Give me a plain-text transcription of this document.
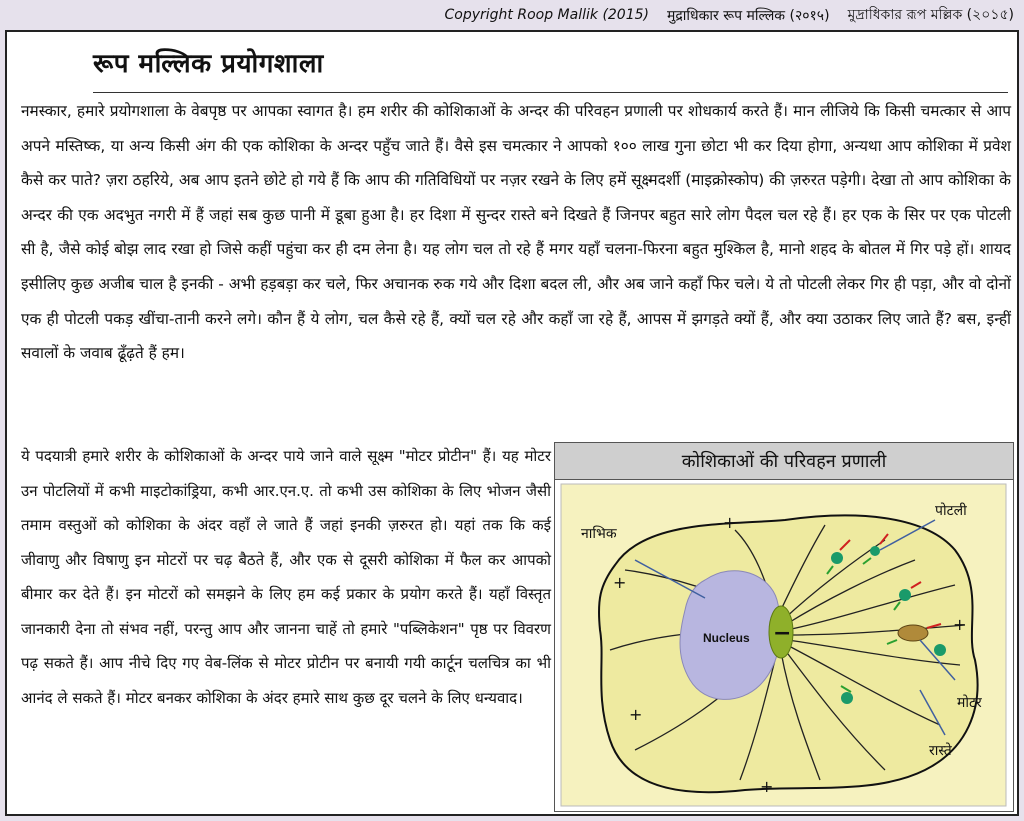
Copyright Roop Mallik (2015) मुद्राधिकार रूप मल्लिक (२०१५) মুদ্রাধিকার রূপ মল্লিক (২০১৫)
रूप मल्लिक प्रयोगशाला

नमस्कार, हमारे प्रयोगशाला के वेबपृष्ठ पर आपका स्वागत है। हम शरीर की कोशिकाओं के अन्दर की परिवहन प्रणाली पर शोधकार्य करते हैं। मान लीजिये कि किसी चमत्कार से आप अपने मस्तिष्क, या अन्य किसी अंग की एक कोशिका के अन्दर पहुँच जाते हैं। वैसे इस चमत्कार ने आपको १०० लाख गुना छोटा भी कर दिया होगा, अन्यथा आप कोशिका में प्रवेश कैसे कर पाते? ज़रा ठहरिये, अब आप इतने छोटे हो गये हैं कि आप की गतिविधियों पर नज़र रखने के लिए हमें सूक्ष्मदर्शी (माइक्रोस्कोप) की ज़रुरत पड़ेगी। देखा तो आप कोशिका के अन्दर की एक अदभुत नगरी में हैं जहां सब कुछ पानी में डूबा हुआ है। हर दिशा में सुन्दर रास्ते बने दिखते हैं जिनपर बहुत सारे लोग पैदल चल रहे हैं। हर एक के सिर पर एक पोटली सी है, जैसे कोई बोझ लाद रखा हो जिसे कहीं पहुंचा कर ही दम लेना है। यह लोग चल तो रहे हैं मगर यहाँ चलना-फिरना बहुत मुश्किल है, मानो शहद के बोतल में गिर पड़े हों। शायद इसीलिए कुछ अजीब चाल है इनकी - अभी हड़बड़ा कर चले, फिर अचानक रुक गये और दिशा बदल ली, और अब जाने कहाँ फिर चले। ये तो पोटली लेकर गिर ही पड़ा, और वो दोनों एक ही पोटली पकड़ खींचा-तानी करने लगे। कौन हैं ये लोग, चल कैसे रहे हैं, क्यों चल रहे और कहाँ जा रहे हैं, आपस में झगड़ते क्यों हैं, और क्या उठाकर लिए जाते हैं? बस, इन्हीं सवालों के जवाब ढूँढ़ते हैं हम।

ये पदयात्री हमारे शरीर के कोशिकाओं के अन्दर पाये जाने वाले सूक्ष्म "मोटर प्रोटीन" हैं। यह मोटर उन पोटलियों में कभी माइटोकांड्रिया, कभी आर.एन.ए. तो कभी उस कोशिका के लिए भोजन जैसी तमाम वस्तुओं को कोशिका के अंदर वहाँ ले जाते हैं जहां इनकी ज़रुरत हो। यहां तक कि कई जीवाणु और विषाणु इन मोटरों पर चढ़ बैठते हैं, और एक से दूसरी कोशिका में फैल कर आपको बीमार कर देते हैं। इन मोटरों को समझने के लिए हम कई प्रकार के प्रयोग करते हैं। यहाँ विस्तृत जानकारी देना तो संभव नहीं, परन्तु आप और जानना चाहें तो हमारे "पब्लिकेशन" पृष्ठ पर विवरण पढ़ सकते हैं। आप नीचे दिए गए वेब-लिंक से मोटर प्रोटीन पर बनायी गयी कार्टून चलचित्र का भी आनंद ले सकते हैं। मोटर बनकर कोशिका के अंदर हमारे साथ कुछ दूर चलने के लिए धन्यवाद।

कोशिकाओं की परिवहन प्रणाली
Nucleus −
+
+
+
+
+
नाभिक
पोटली
मोटर
रास्ते
